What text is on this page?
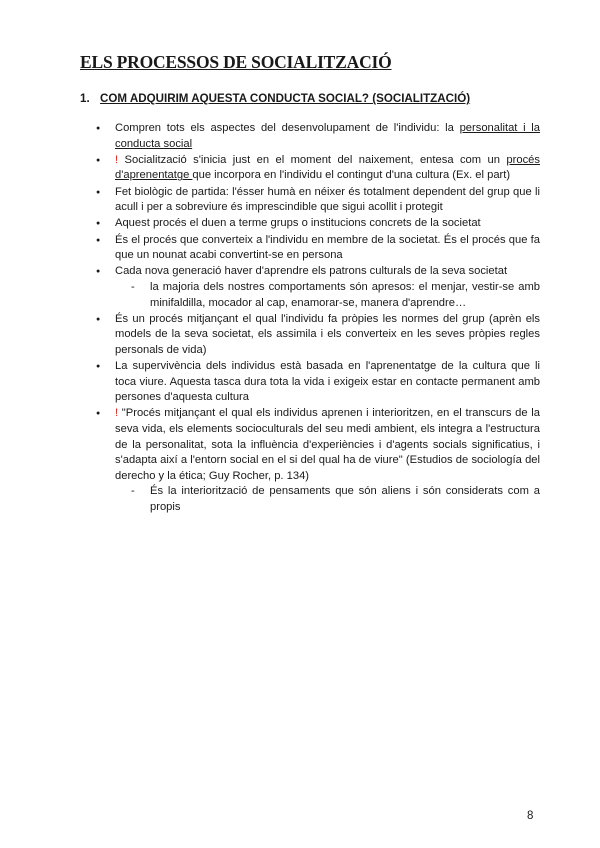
ELS PROCESSOS DE SOCIALITZACIÓ
1. COM ADQUIRIM AQUESTA CONDUCTA SOCIAL? (SOCIALITZACIÓ)
● Compren tots els aspectes del desenvolupament de l'individu: la personalitat i la conducta social
● ! Socialització s'inicia just en el moment del naixement, entesa com un procés d'aprenentatge que incorpora en l'individu el contingut d'una cultura (Ex. el part)
● Fet biològic de partida: l'ésser humà en néixer és totalment dependent del grup que li acull i per a sobreviure és imprescindible que sigui acollit i protegit
● Aquest procés el duen a terme grups o institucions concrets de la societat
● És el procés que converteix a l'individu en membre de la societat. És el procés que fa que un nounat acabi convertint-se en persona
● Cada nova generació haver d'aprendre els patrons culturals de la seva societat
- la majoria dels nostres comportaments són apresos: el menjar, vestir-se amb minifaldilla, mocador al cap, enamorar-se, manera d'aprendre…
● És un procés mitjançant el qual l'individu fa pròpies les normes del grup (aprèn els models de la seva societat, els assimila i els converteix en les seves pròpies regles personals de vida)
● La supervivència dels individus està basada en l'aprenentatge de la cultura que li toca viure. Aquesta tasca dura tota la vida i exigeix estar en contacte permanent amb persones d'aquesta cultura
● ! "Procés mitjançant el qual els individus aprenen i interioritzen, en el transcurs de la seva vida, els elements socioculturals del seu medi ambient, els integra a l'estructura de la personalitat, sota la influència d'experiències i d'agents socials significatius, i s'adapta així a l'entorn social en el si del qual ha de viure" (Estudios de sociología del derecho y la ética; Guy Rocher, p. 134)
- És la interiorització de pensaments que són aliens i són considerats com a propis
8
